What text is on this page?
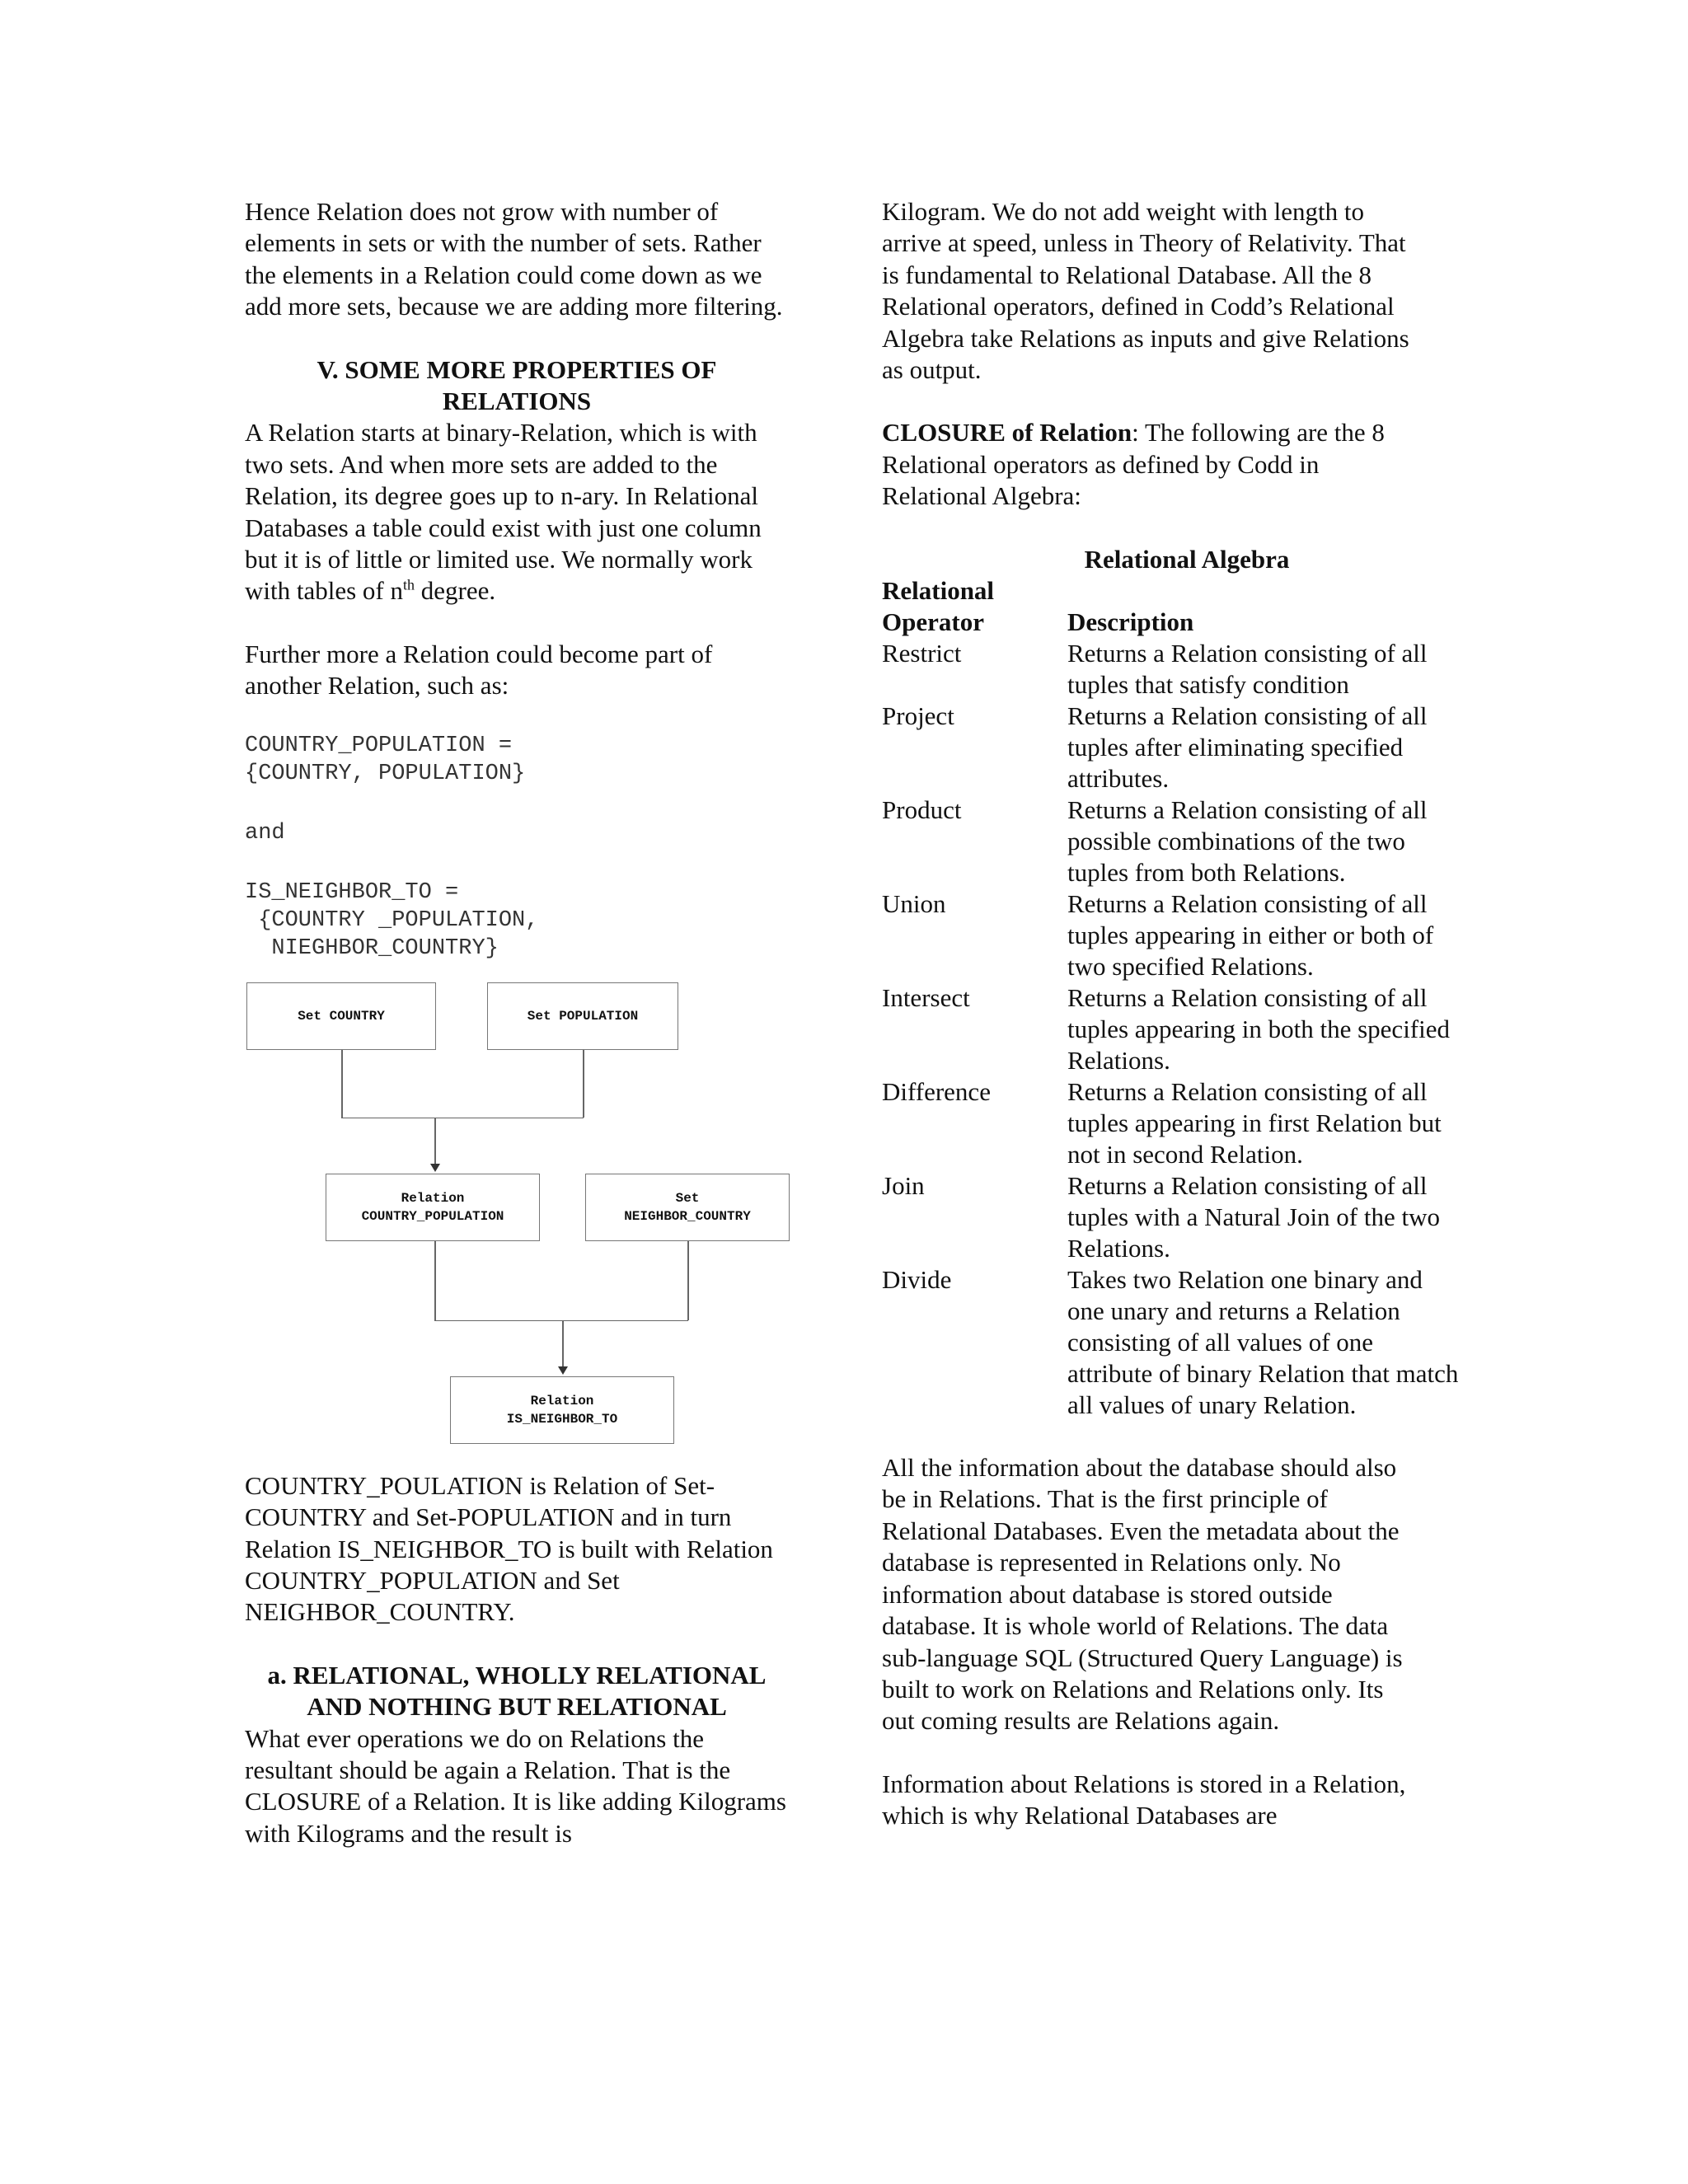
Hence Relation does not grow with number of elements in sets or with the number of sets. Rather the elements in a Relation could come down as we add more sets, because we are adding more filtering.

V. SOME MORE PROPERTIES OF RELATIONS

A Relation starts at binary-Relation, which is with two sets. And when more sets are added to the Relation, its degree goes up to n-ary. In Relational Databases a table could exist with just one column but it is of little or limited use. We normally work with tables of $n^{th}$ degree.

Further more a Relation could become part of another Relation, such as:

COUNTRY_POPULATION =

{COUNTRY, POPULATION}

and

IS_NEIGHBOR_TO =

{COUNTRY _POPULATION,

NIEGHBOR_COUNTRY}

Set COUNTRY	Set POPULATION
Relation
COUNTRY_POPULATION
Set
NEIGHBOR_COUNTRY
Relation
IS_NEIGHBOR_TO

COUNTRY_POULATION is Relation of Set-COUNTRY and Set-POPULATION and in turn Relation IS_NEIGHBOR_TO is built with Relation COUNTRY_POPULATION and Set NEIGHBOR_COUNTRY.

a. RELATIONAL, WHOLLY RELATIONAL AND NOTHING BUT RELATIONAL

What ever operations we do on Relations the resultant should be again a Relation. That is the CLOSURE of a Relation. It is like adding Kilograms with Kilograms and the result is

Kilogram. We do not add weight with length to arrive at speed, unless in Theory of Relativity. That is fundamental to Relational Database. All the 8 Relational operators, defined in Codd’s Relational Algebra take Relations as inputs and give Relations as output.

CLOSURE of Relation: The following are the 8 Relational operators as defined by Codd in Relational Algebra:

Relational Algebra

Relational
Operator	Description
Restrict	Returns a Relation consisting of all tuples that satisfy condition
Project	Returns a Relation consisting of all tuples after eliminating specified attributes.
Product	Returns a Relation consisting of all possible combinations of the two tuples from both Relations.
Union	Returns a Relation consisting of all tuples appearing in either or both of two specified Relations.
Intersect	Returns a Relation consisting of all tuples appearing in both the specified Relations.
Difference	Returns a Relation consisting of all tuples appearing in first Relation but not in second Relation.
Join	Returns a Relation consisting of all tuples with a Natural Join of the two Relations.
Divide	Takes two Relation one binary and one unary and returns a Relation consisting of all values of one attribute of binary Relation that match all values of unary Relation.

All the information about the database should also be in Relations. That is the first principle of Relational Databases. Even the metadata about the database is represented in Relations only. No information about database is stored outside database. It is whole world of Relations. The data sub-language SQL (Structured Query Language) is built to work on Relations and Relations only. Its out coming results are Relations again.

Information about Relations is stored in a Relation, which is why Relational Databases are
